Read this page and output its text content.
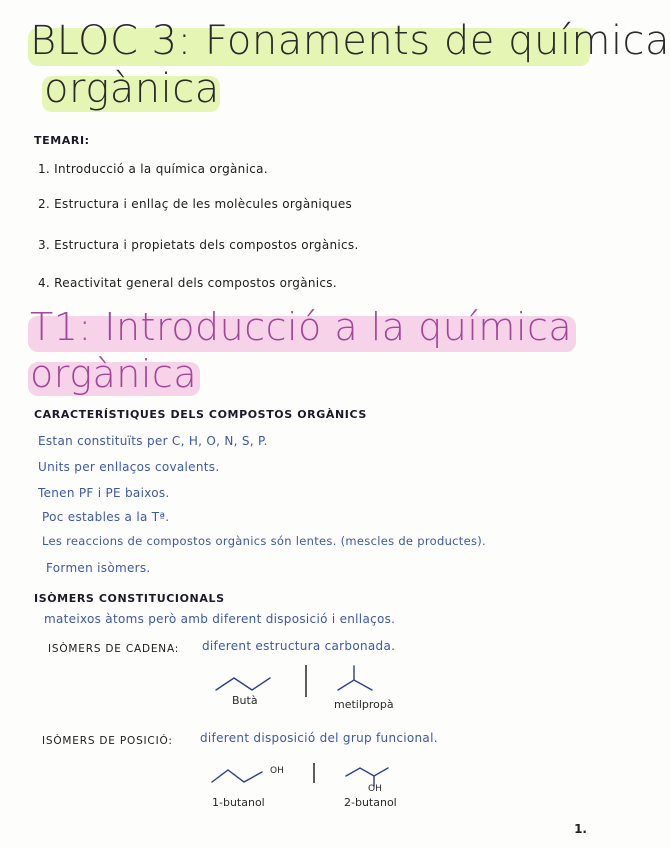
BLOC 3: Fonaments de química
orgànica
TEMARI:
1. Introducció a la química orgànica.
2. Estructura i enllaç de les molècules orgàniques
3. Estructura i propietats dels compostos orgànics.
4. Reactivitat general dels compostos orgànics.
T1: Introducció a la química
orgànica
CARACTERÍSTIQUES DELS COMPOSTOS ORGÀNICS
Estan constituïts per C, H, O, N, S, P.
Units per enllaços covalents.
Tenen PF i PE baixos.
Poc estables a la Tª.
Les reaccions de compostos orgànics són lentes. (mescles de productes).
Formen isòmers.
ISÒMERS CONSTITUCIONALS
mateixos àtoms però amb diferent disposició i enllaços.
ISÒMERS DE CADENA: diferent estructura carbonada.
Butà	metilpropà
ISÒMERS DE POSICIÓ: diferent disposició del grup funcional.
OH
OH
1-butanol	2-butanol
1.
